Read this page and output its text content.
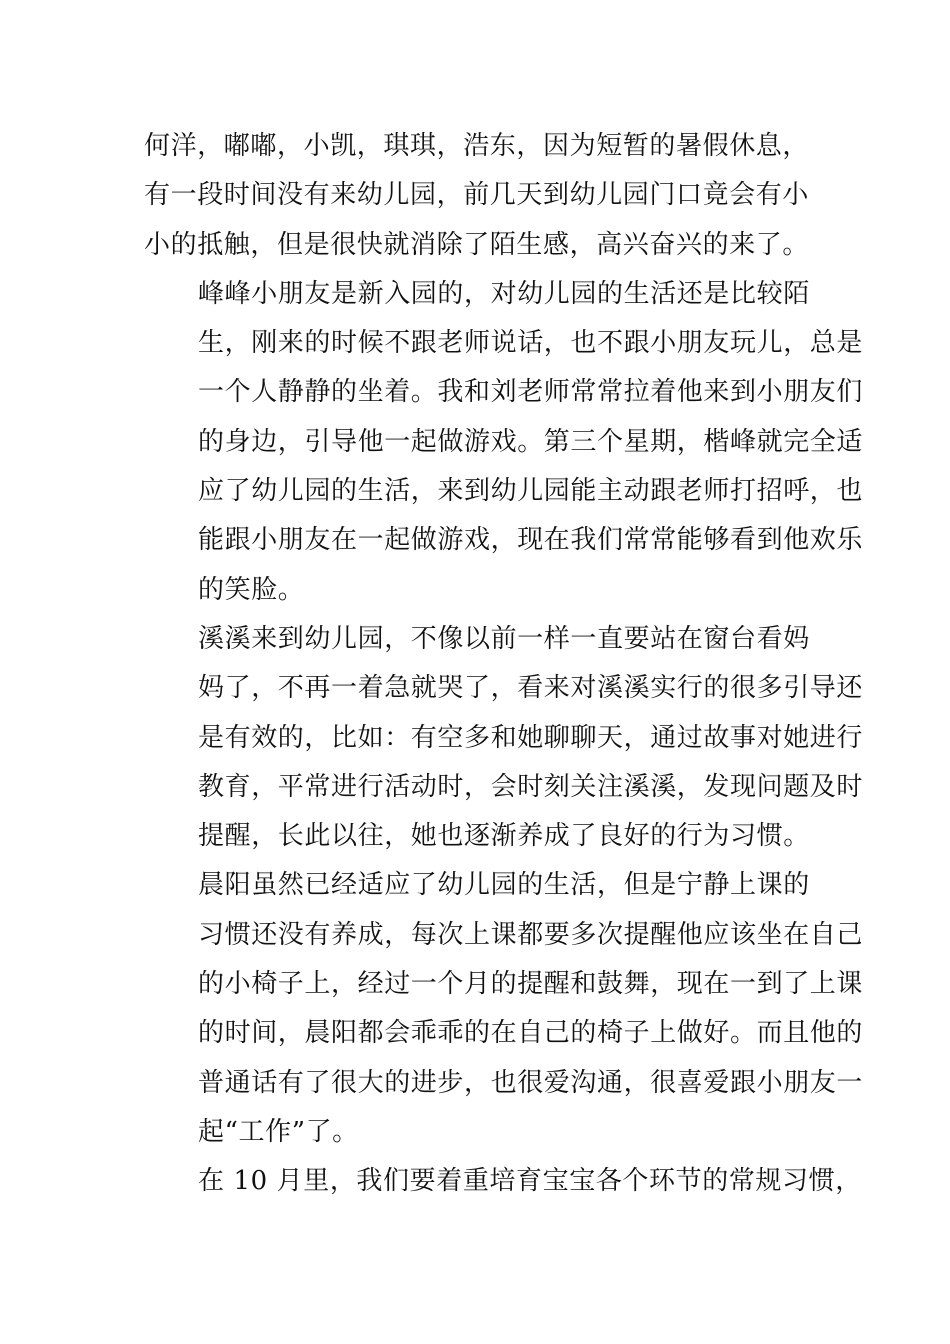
何洋，嘟嘟，小凯，琪琪，浩东，因为短暂的暑假休息，
有一段时间没有来幼儿园，前几天到幼儿园门口竟会有小
小的抵触，但是很快就消除了陌生感，高兴奋兴的来了。

峰峰小朋友是新入园的，对幼儿园的生活还是比较陌
生，刚来的时候不跟老师说话，也不跟小朋友玩儿，总是
一个人静静的坐着。我和刘老师常常拉着他来到小朋友们
的身边，引导他一起做游戏。第三个星期，楷峰就完全适
应了幼儿园的生活，来到幼儿园能主动跟老师打招呼，也
能跟小朋友在一起做游戏，现在我们常常能够看到他欢乐
的笑脸。

溪溪来到幼儿园，不像以前一样一直要站在窗台看妈
妈了，不再一着急就哭了，看来对溪溪实行的很多引导还
是有效的，比如：有空多和她聊聊天，通过故事对她进行
教育，平常进行活动时，会时刻关注溪溪，发现问题及时
提醒，长此以往，她也逐渐养成了良好的行为习惯。

晨阳虽然已经适应了幼儿园的生活，但是宁静上课的
习惯还没有养成，每次上课都要多次提醒他应该坐在自己
的小椅子上，经过一个月的提醒和鼓舞，现在一到了上课
的时间，晨阳都会乖乖的在自己的椅子上做好。而且他的
普通话有了很大的进步，也很爱沟通，很喜爱跟小朋友一
起“工作”了。

在 10 月里，我们要着重培育宝宝各个环节的常规习惯，
